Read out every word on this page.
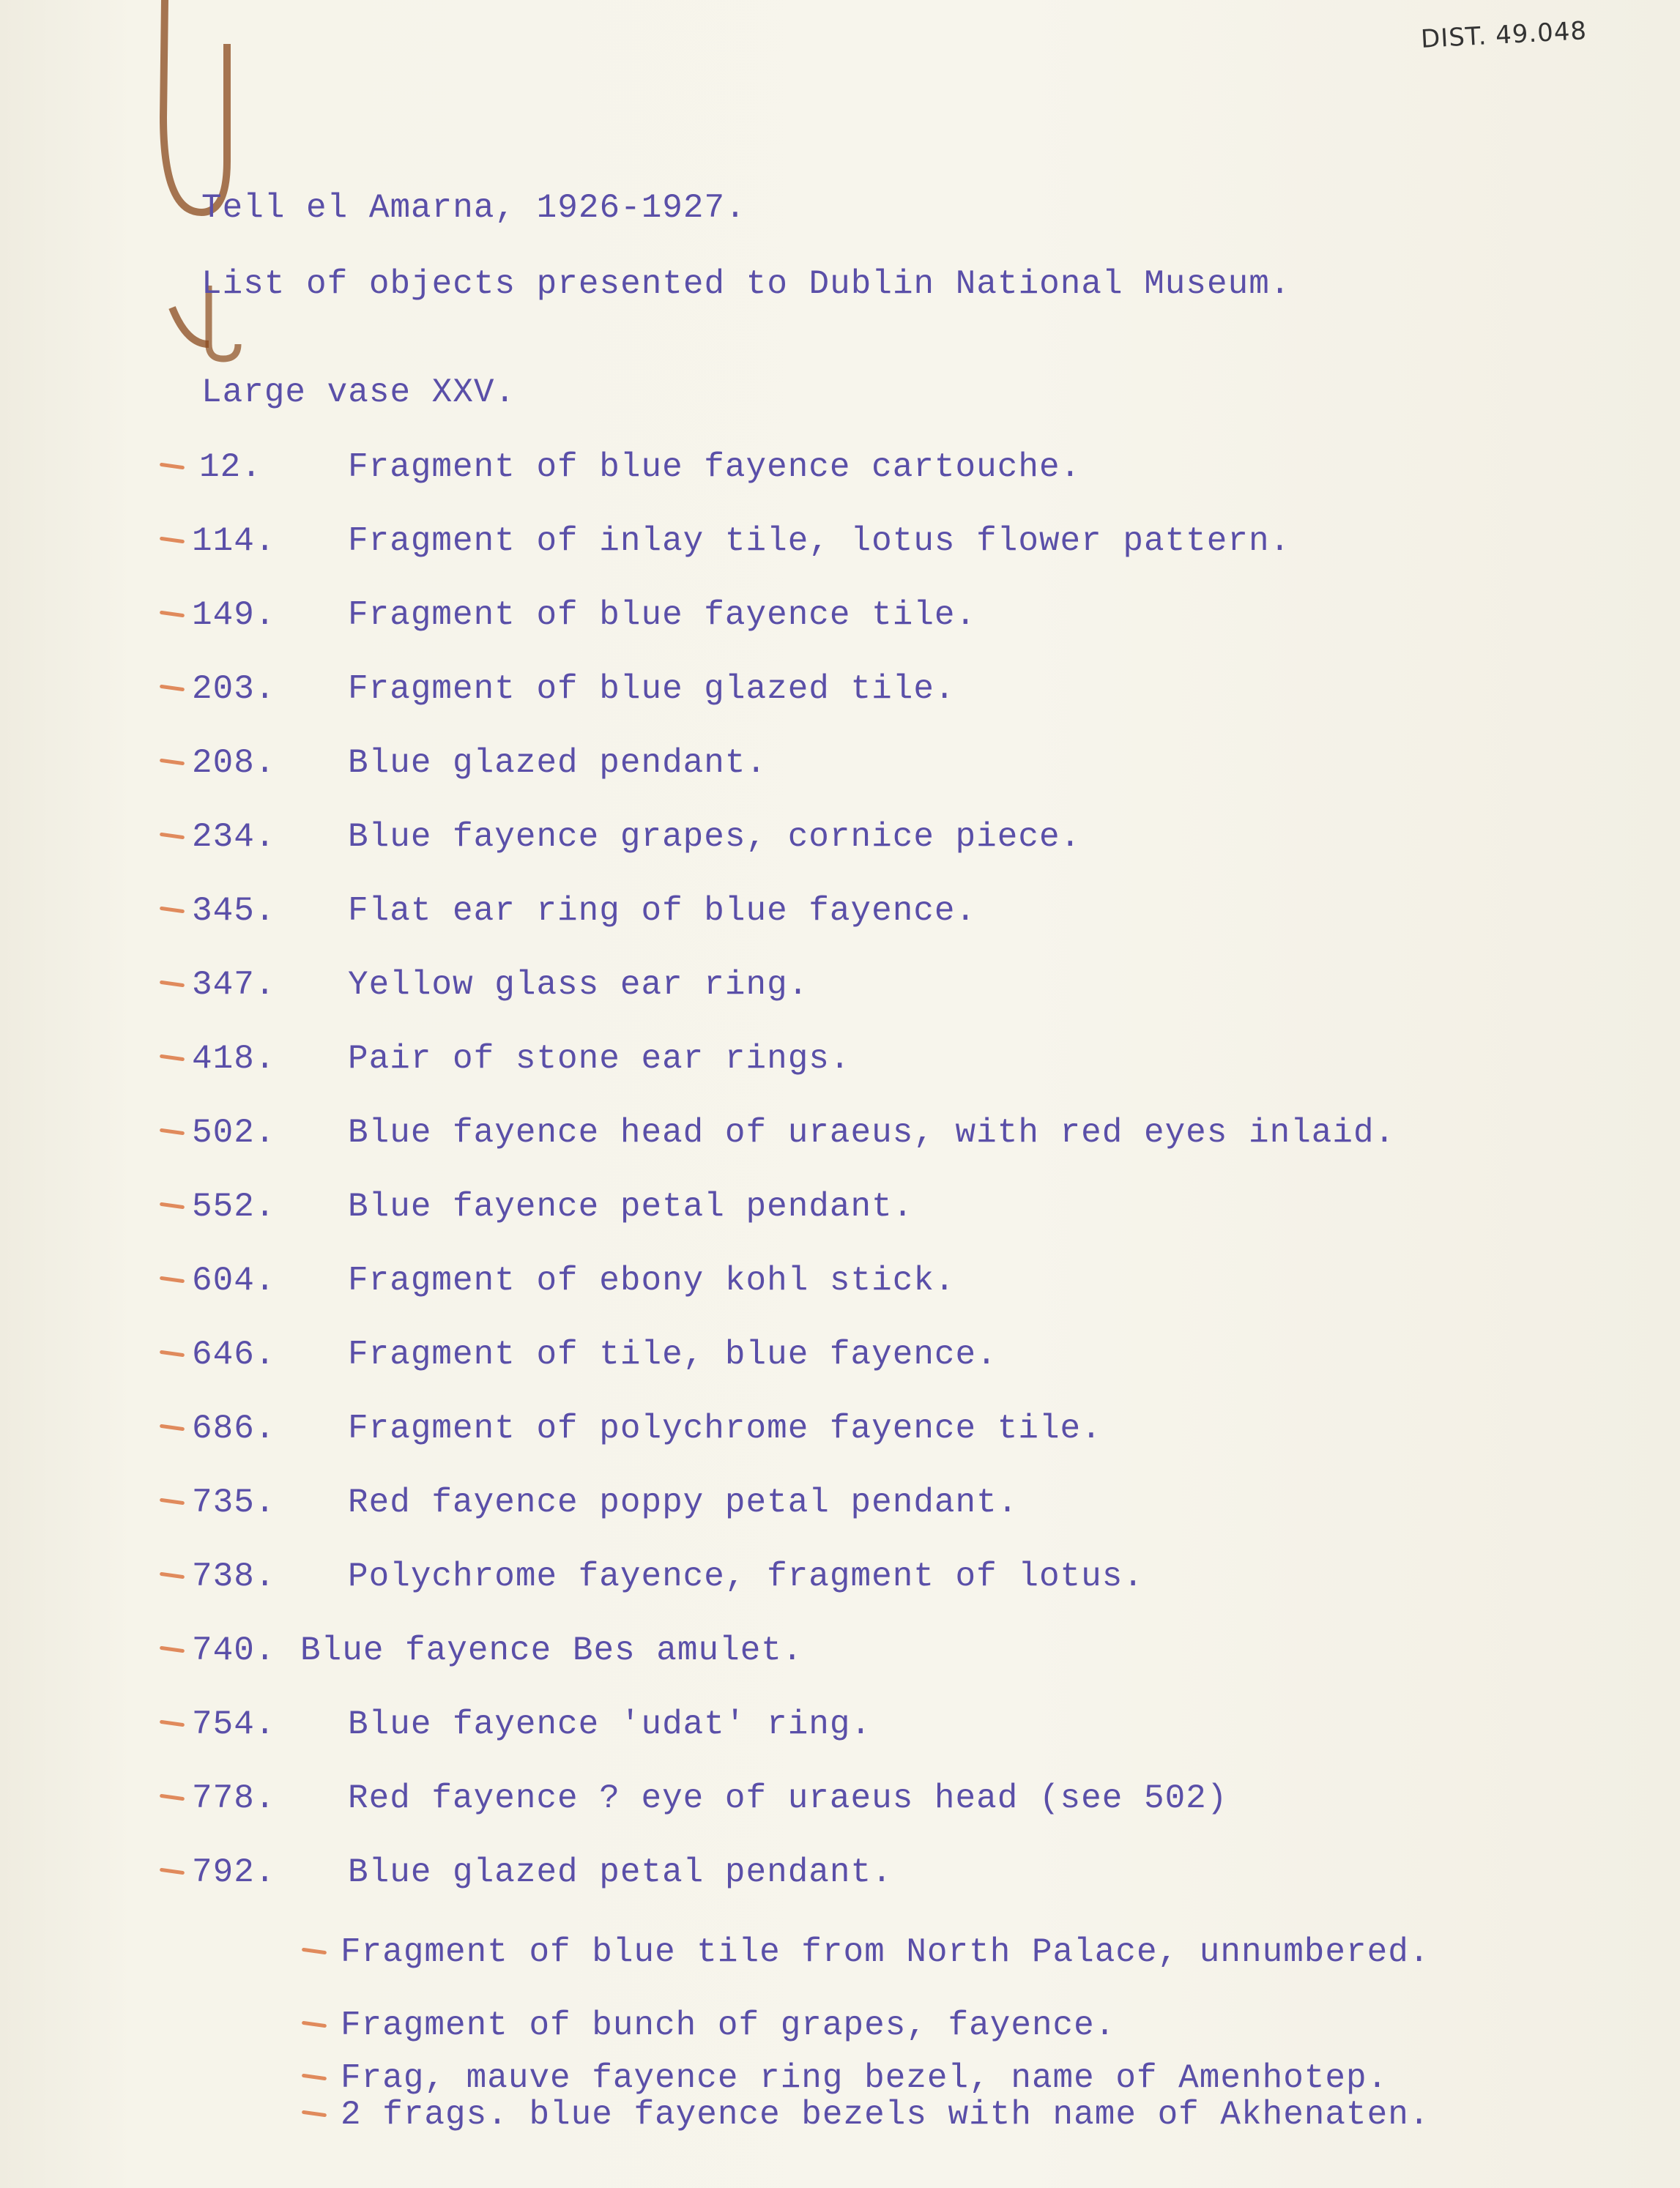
DIST. 49.048
Tell el Amarna, 1926-1927.
List of objects presented to Dublin National Museum.
Large vase XXV.
12.	Fragment of blue fayence cartouche.
114. Fragment of inlay tile, lotus flower pattern.
149. Fragment of blue fayence tile.
203. Fragment of blue glazed tile.
208. Blue glazed pendant.
234. Blue fayence grapes, cornice piece.
345. Flat ear ring of blue fayence.
347. Yellow glass ear ring.
418. Pair of stone ear rings.
502. Blue fayence head of uraeus, with red eyes inlaid.
552. Blue fayence petal pendant.
604. Fragment of ebony kohl stick.
646. Fragment of tile, blue fayence.
686. Fragment of polychrome fayence tile.
735. Red fayence poppy petal pendant.
738. Polychrome fayence, fragment of lotus.
740. Blue fayence Bes amulet.
754. Blue fayence 'udat' ring.
778. Red fayence ? eye of uraeus head (see 502)
792. Blue glazed petal pendant.
Fragment of blue tile from North Palace, unnumbered.
Fragment of bunch of grapes, fayence.
Frag, mauve fayence ring bezel, name of Amenhotep.
2 frags. blue fayence bezels with name of Akhenaten.
